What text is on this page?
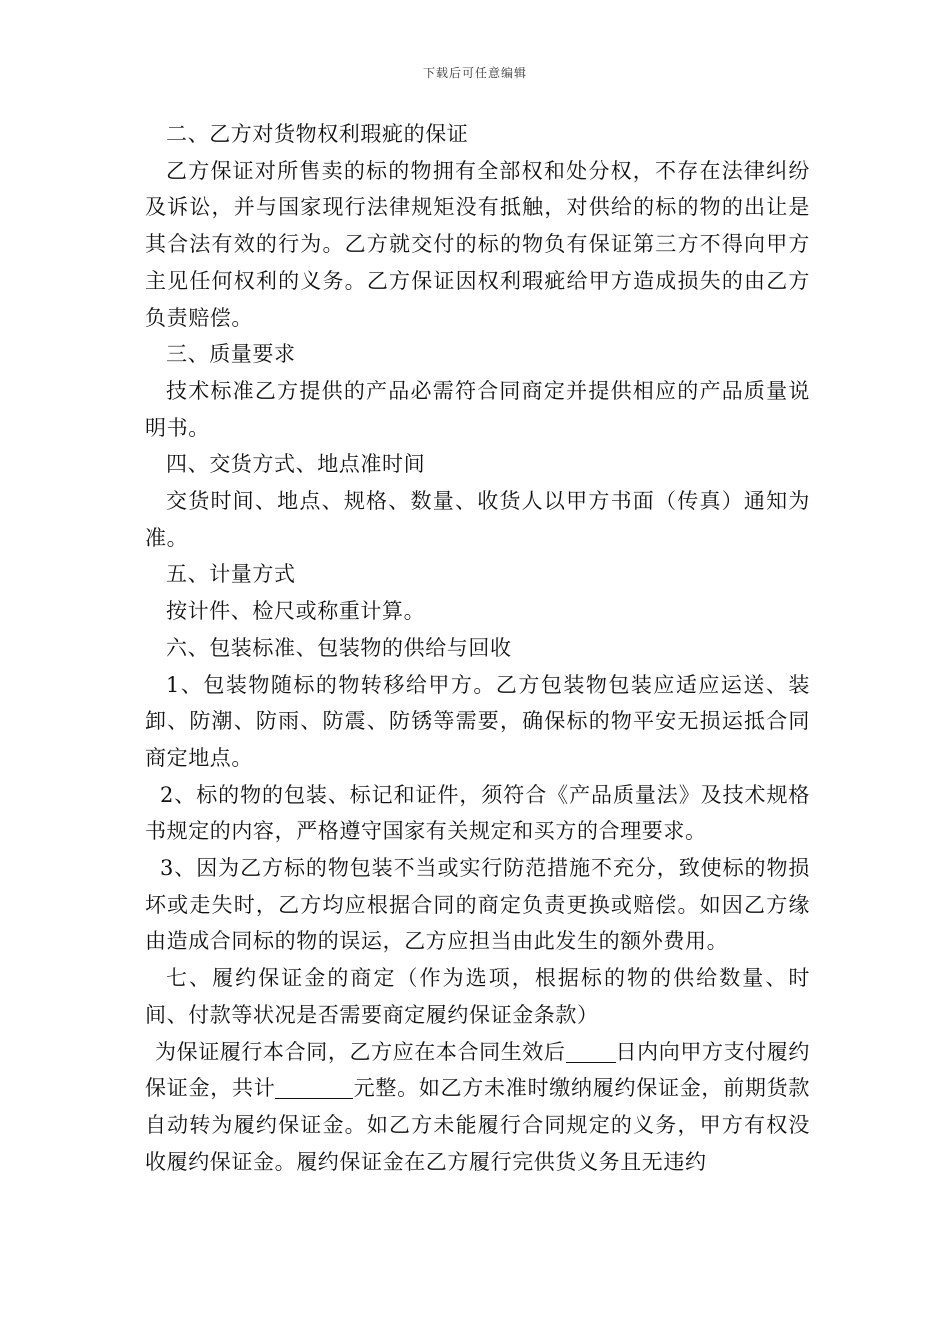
下载后可任意编辑

二、乙方对货物权利瑕疵的保证

乙方保证对所售卖的标的物拥有全部权和处分权，不存在法律纠纷及诉讼，并与国家现行法律规矩没有抵触，对供给的标的物的出让是其合法有效的行为。乙方就交付的标的物负有保证第三方不得向甲方主见任何权利的义务。乙方保证因权利瑕疵给甲方造成损失的由乙方负责赔偿。

三、质量要求

技术标准乙方提供的产品必需符合同商定并提供相应的产品质量说明书。

四、交货方式、地点准时间

交货时间、地点、规格、数量、收货人以甲方书面（传真）通知为准。

五、计量方式

按计件、检尺或称重计算。

六、包装标准、包装物的供给与回收

1、包装物随标的物转移给甲方。乙方包装物包装应适应运送、装卸、防潮、防雨、防震、防锈等需要，确保标的物平安无损运抵合同商定地点。

2、标的物的包装、标记和证件，须符合《产品质量法》及技术规格书规定的内容，严格遵守国家有关规定和买方的合理要求。

3、因为乙方标的物包装不当或实行防范措施不充分，致使标的物损坏或走失时，乙方均应根据合同的商定负责更换或赔偿。如因乙方缘由造成合同标的物的误运，乙方应担当由此发生的额外费用。

七、履约保证金的商定（作为选项，根据标的物的供给数量、时间、付款等状况是否需要商定履约保证金条款）

为保证履行本合同，乙方应在本合同生效后 日内向甲方支付履约保证金，共计	元整。如乙方未准时缴纳履约保证金，前期货款自动转为履约保证金。如乙方未能履行合同规定的义务，甲方有权没收履约保证金。履约保证金在乙方履行完供货义务且无违约
